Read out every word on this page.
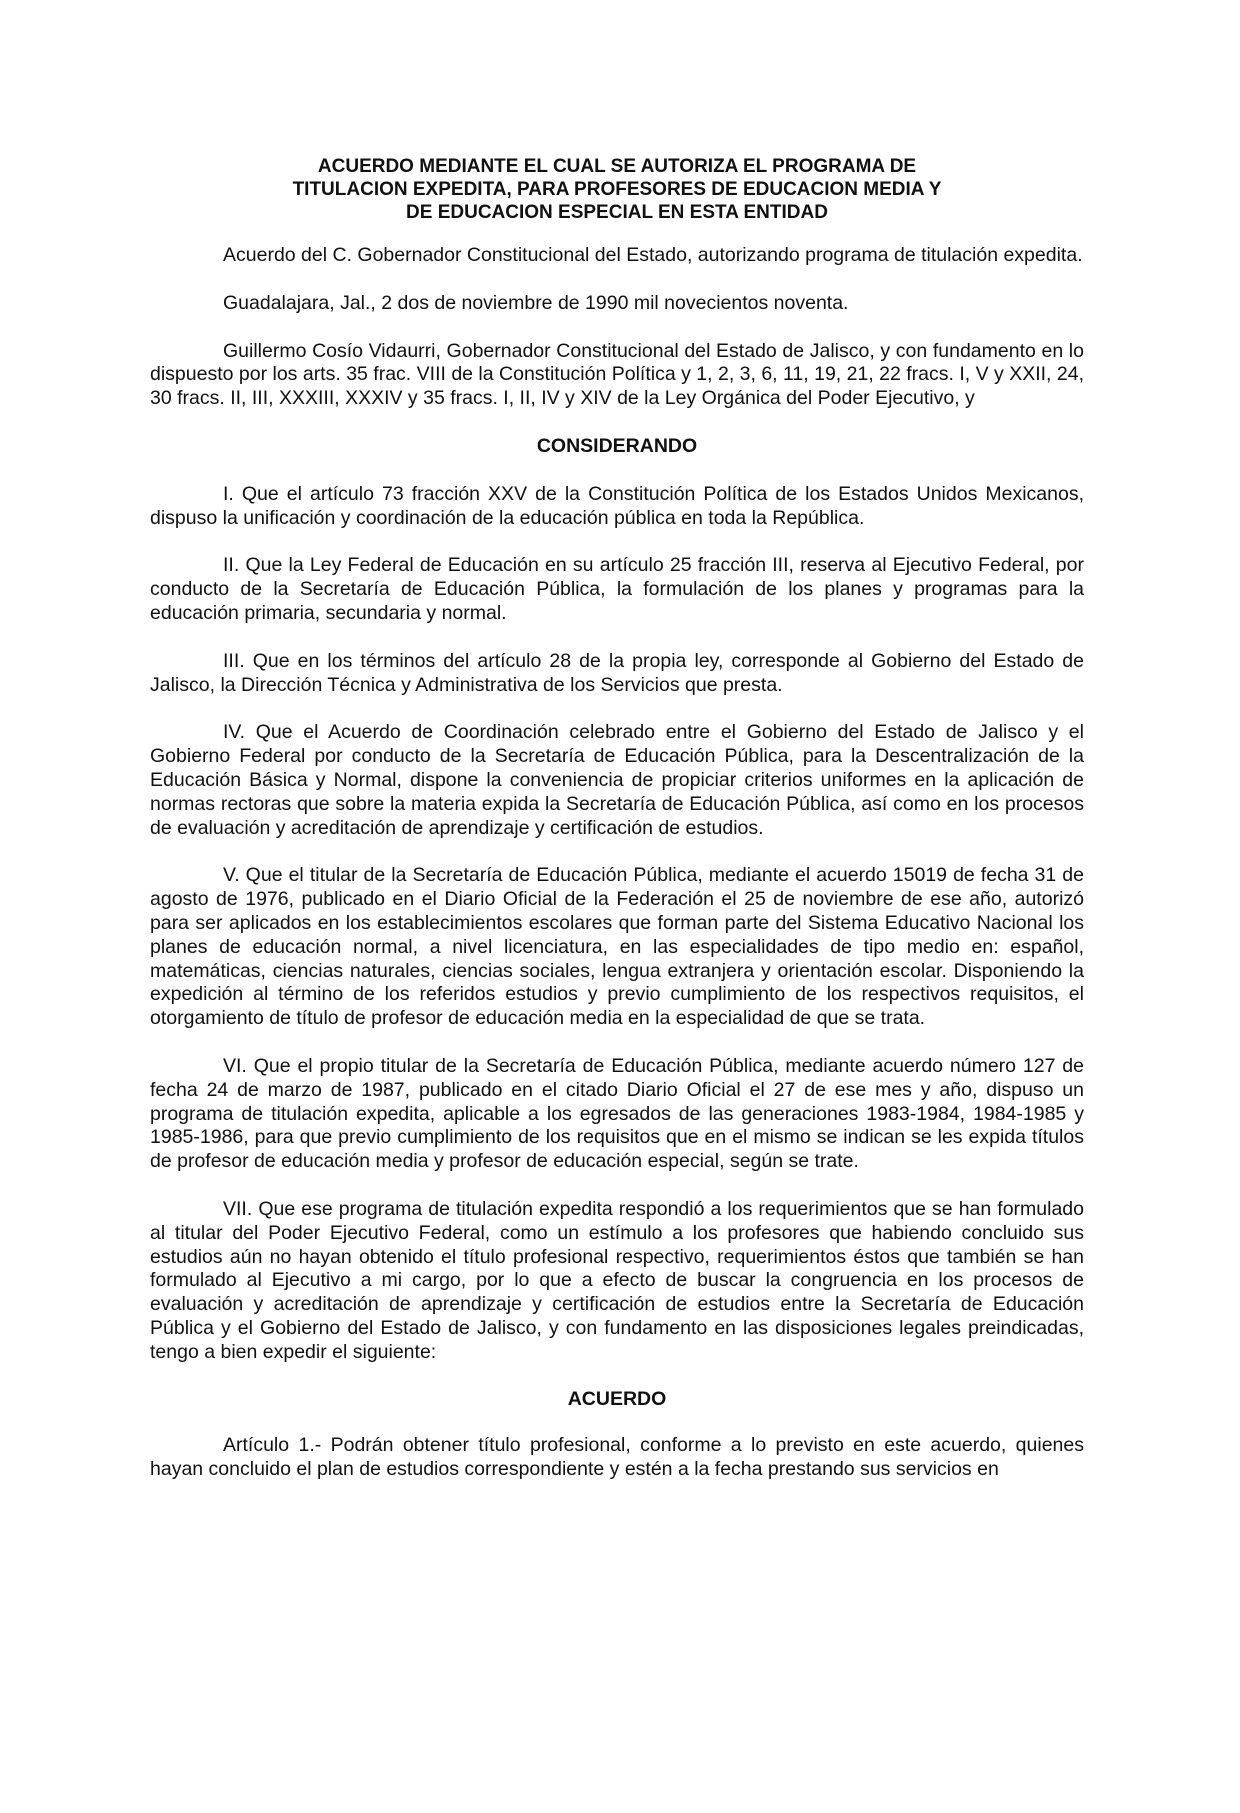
ACUERDO MEDIANTE EL CUAL SE AUTORIZA EL PROGRAMA DE
TITULACION EXPEDITA, PARA PROFESORES DE EDUCACION MEDIA Y
DE EDUCACION ESPECIAL EN ESTA ENTIDAD

Acuerdo del C. Gobernador Constitucional del Estado, autorizando programa de titulación expedita.

Guadalajara, Jal., 2 dos de noviembre de 1990 mil novecientos noventa.

Guillermo Cosío Vidaurri, Gobernador Constitucional del Estado de Jalisco, y con fundamento en lo dispuesto por los arts. 35 frac. VIII de la Constitución Política y 1, 2, 3, 6, 11, 19, 21, 22 fracs. I, V y XXII, 24, 30 fracs. II, III, XXXIII, XXXIV y 35 fracs. I, II, IV y XIV de la Ley Orgánica del Poder Ejecutivo, y

CONSIDERANDO

I. Que el artículo 73 fracción XXV de la Constitución Política de los Estados Unidos Mexicanos, dispuso la unificación y coordinación de la educación pública en toda la República.

II. Que la Ley Federal de Educación en su artículo 25 fracción III, reserva al Ejecutivo Federal, por conducto de la Secretaría de Educación Pública, la formulación de los planes y programas para la educación primaria, secundaria y normal.

III. Que en los términos del artículo 28 de la propia ley, corresponde al Gobierno del Estado de Jalisco, la Dirección Técnica y Administrativa de los Servicios que presta.

IV. Que el Acuerdo de Coordinación celebrado entre el Gobierno del Estado de Jalisco y el Gobierno Federal por conducto de la Secretaría de Educación Pública, para la Descentralización de la Educación Básica y Normal, dispone la conveniencia de propiciar criterios uniformes en la aplicación de normas rectoras que sobre la materia expida la Secretaría de Educación Pública, así como en los procesos de evaluación y acreditación de aprendizaje y certificación de estudios.

V. Que el titular de la Secretaría de Educación Pública, mediante el acuerdo 15019 de fecha 31 de agosto de 1976, publicado en el Diario Oficial de la Federación el 25 de noviembre de ese año, autorizó para ser aplicados en los establecimientos escolares que forman parte del Sistema Educativo Nacional los planes de educación normal, a nivel licenciatura, en las especialidades de tipo medio en: español, matemáticas, ciencias naturales, ciencias sociales, lengua extranjera y orientación escolar. Disponiendo la expedición al término de los referidos estudios y previo cumplimiento de los respectivos requisitos, el otorgamiento de título de profesor de educación media en la especialidad de que se trata.

VI. Que el propio titular de la Secretaría de Educación Pública, mediante acuerdo número 127 de fecha 24 de marzo de 1987, publicado en el citado Diario Oficial el 27 de ese mes y año, dispuso un programa de titulación expedita, aplicable a los egresados de las generaciones 1983-1984, 1984-1985 y 1985-1986, para que previo cumplimiento de los requisitos que en el mismo se indican se les expida títulos de profesor de educación media y profesor de educación especial, según se trate.

VII. Que ese programa de titulación expedita respondió a los requerimientos que se han formulado al titular del Poder Ejecutivo Federal, como un estímulo a los profesores que habiendo concluido sus estudios aún no hayan obtenido el título profesional respectivo, requerimientos éstos que también se han formulado al Ejecutivo a mi cargo, por lo que a efecto de buscar la congruencia en los procesos de evaluación y acreditación de aprendizaje y certificación de estudios entre la Secretaría de Educación Pública y el Gobierno del Estado de Jalisco, y con fundamento en las disposiciones legales preindicadas, tengo a bien expedir el siguiente:

ACUERDO

Artículo 1.- Podrán obtener título profesional, conforme a lo previsto en este acuerdo, quienes hayan concluido el plan de estudios correspondiente y estén a la fecha prestando sus servicios en
